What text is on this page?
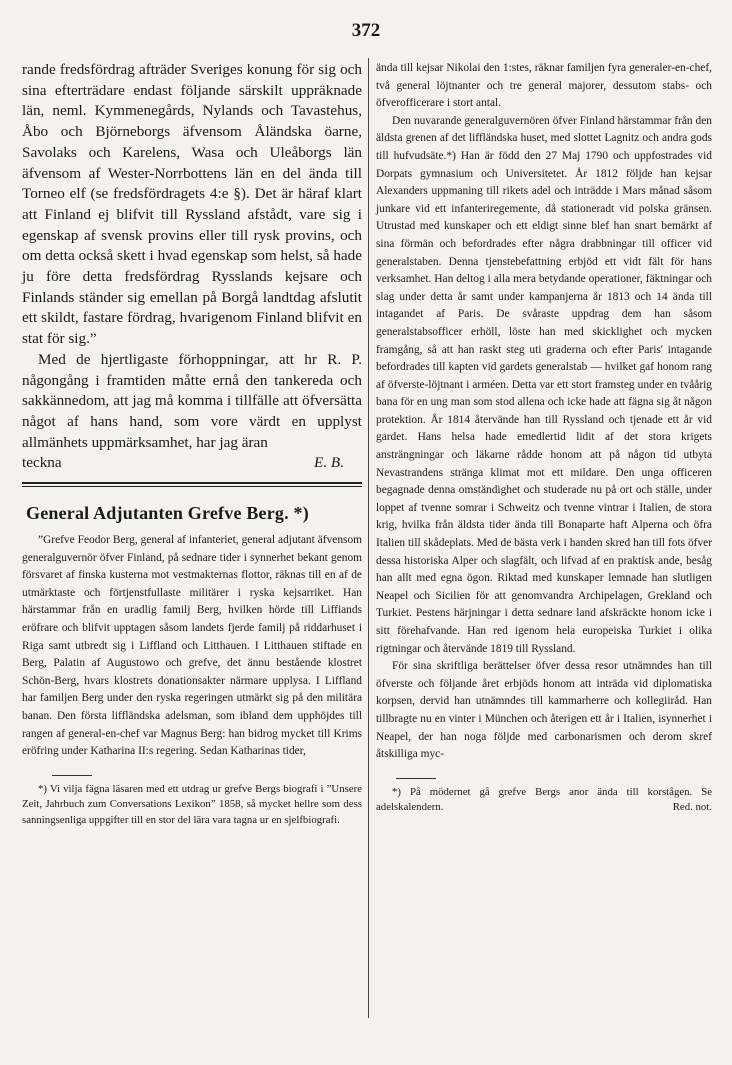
372

rande fredsfördrag afträder Sveriges konung för sig och sina efterträdare endast följande särskilt uppräknade län, neml. Kymmenegårds, Nylands och Tavastehus, Åbo och Björneborgs äfvensom Åländska öarne, Savolaks och Karelens, Wasa och Uleåborgs län äfvensom af Wester-Norrbottens län en del ända till Torneo elf (se fredsfördragets 4:e §). Det är häraf klart att Finland ej blifvit till Ryssland afstådt, vare sig i egenskap af svensk provins eller till rysk provins, och om detta också skett i hvad egenskap som helst, så hade ju före detta fredsfördrag Rysslands kejsare och Finlands ständer sig emellan på Borgå landtdag afslutit ett skildt, fastare fördrag, hvarigenom Finland blifvit en stat för sig.”

Med de hjertligaste förhoppningar, att hr R. P. någongång i framtiden måtte ernå den tankereda och sakkännedom, att jag må komma i tillfälle att öfversätta något af hans hand, som vore värdt en upplyst allmänhets uppmärksamhet, har jag äran

teckna	E. B.
General Adjutanten Grefve Berg. *)

”Grefve Feodor Berg, general af infanteriet, general adjutant äfvensom generalguvernör öfver Finland, på sednare tider i synnerhet bekant genom försvaret af finska kusterna mot vestmakternas flottor, räknas till en af de utmärktaste och förtjenstfullaste militärer i ryska kejsarriket. Han härstammar från en uradlig familj Berg, hvilken hörde till Liffiands eröfrare och blifvit upptagen såsom landets fjerde familj på riddarhuset i Riga samt utbredt sig i Liffland och Litthauen. I Litthauen stiftade en Berg, Palatin af Augustowo och grefve, det ännu bestående klostret Schön-Berg, hvars klostrets donationsakter närmare upplysa. I Liffland har familjen Berg under den ryska regeringen utmärkt sig på den militära banan. Den första liffländska adelsman, som ibland dem upphöjdes till rangen af general-en-chef var Magnus Berg: han bidrog mycket till Krims eröfring under Katharina II:s regering. Sedan Katharinas tider,

*) Vi vilja fägna läsaren med ett utdrag ur grefve Bergs biografi i ”Unsere Zeit, Jahrbuch zum Conversations Lexikon” 1858, så mycket hellre som dess sanningsenliga uppgifter till en stor del lära vara tagna ur en sjelfbiografi.

ända till kejsar Nikolai den 1:stes, räknar familjen fyra generaler-en-chef, två general löjtnanter och tre general majorer, dessutom stabs- och öfverofficerare i stort antal.

Den nuvarande generalguvernören öfver Finland härstammar från den äldsta grenen af det liffländska huset, med slottet Lagnitz och andra gods till hufvudsäte.*) Han är född den 27 Maj 1790 och uppfostrades vid Dorpats gymnasium och Universitetet. År 1812 följde han kejsar Alexanders uppmaning till rikets adel och inträdde i Mars månad såsom junkare vid ett infanteriregemente, då stationeradt vid polska gränsen. Utrustad med kunskaper och ett eldigt sinne blef han snart bemärkt af sina förmän och befordrades efter några drabbningar till officer vid generalstaben. Denna tjenstebefattning erbjöd ett vidt fält för hans verksamhet. Han deltog i alla mera betydande operationer, fäktningar och slag under detta år samt under kampanjerna år 1813 och 14 ända till intagandet af Paris. De svåraste uppdrag dem han såsom generalstabsofficer erhöll, löste han med skicklighet och mycken framgång, så att han raskt steg uti graderna och efter Paris' intagande befordrades till kapten vid gardets generalstab — hvilket gaf honom rang af öfverste-löjtnant i arméen. Detta var ett stort framsteg under en tvåårig bana för en ung man som stod allena och icke hade att fägna sig åt någon protektion. År 1814 återvände han till Ryssland och tjenade ett år vid gardet. Hans helsa hade emedlertid lidit af det stora krigets ansträngningar och läkarne rådde honom att på någon tid utbyta Nevastrandens stränga klimat mot ett mildare. Den unga officeren begagnade denna omständighet och studerade nu på ort och ställe, under loppet af tvenne somrar i Schweitz och tvenne vintrar i Italien, de stora krig, hvilka från äldsta tider ända till Bonaparte haft Alperna och öfra Italien till skådeplats. Med de bästa verk i handen skred han till fots öfver dessa historiska Alper och slagfält, och lifvad af en praktisk ande, besåg han allt med egna ögon. Riktad med kunskaper lemnade han slutligen Neapel och Sicilien för att genomvandra Archipelagen, Grekland och Turkiet. Pestens härjningar i detta sednare land afskräckte honom icke i sitt förehafvande. Han red igenom hela europeiska Turkiet i olika rigtningar och återvände 1819 till Ryssland.

För sina skriftliga berättelser öfver dessa resor utnämndes han till öfverste och följande året erbjöds honom att inträda vid diplomatiska korpsen, dervid han utnämndes till kammarherre och kollegiiråd. Han tillbragte nu en vinter i München och återigen ett år i Italien, isynnerhet i Neapel, der han noga följde med carbonarismen och derom skref åtskilliga myc-

*) På mödernet gå grefve Bergs anor ända till korstågen. Se adelskalendern.	Red. not.
